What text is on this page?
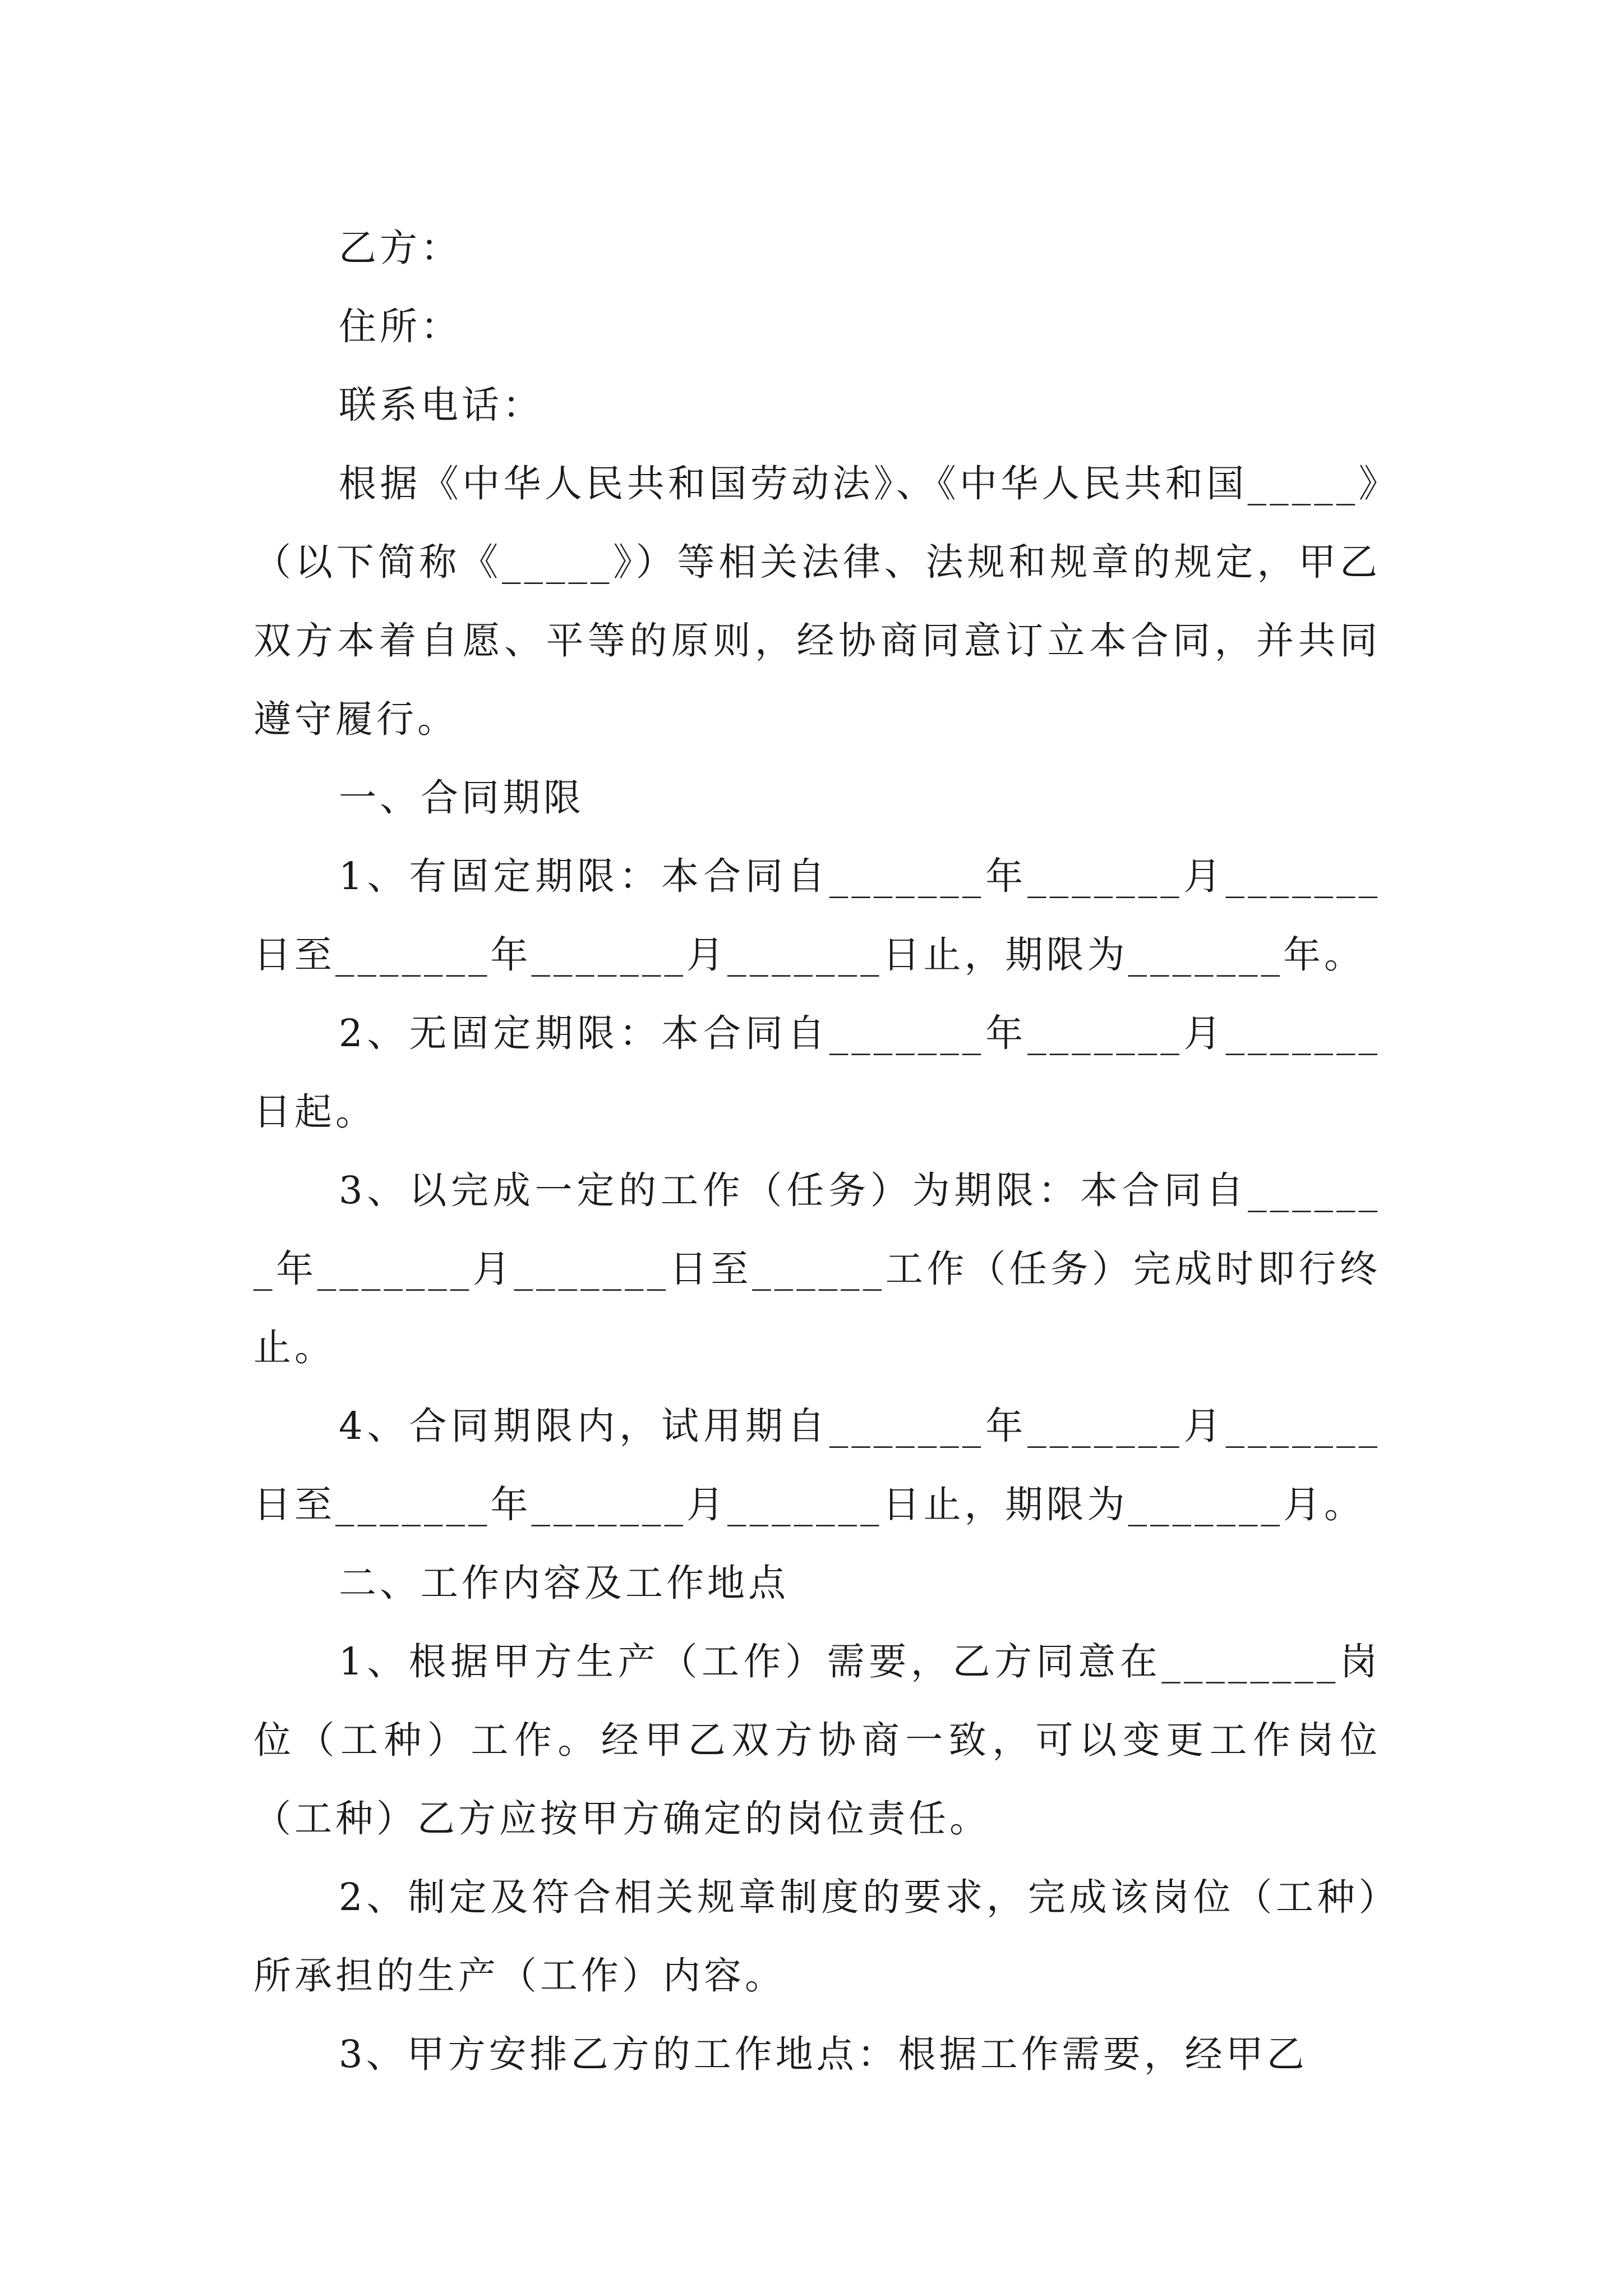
乙方：

住所：

联系电话：

根据《中华人民共和国劳动法》、《中华人民共和国_____》（以下简称《_____》）等相关法律、法规和规章的规定，甲乙双方本着自愿、平等的原则，经协商同意订立本合同，并共同遵守履行。

一、合同期限

1、有固定期限：本合同自_______年_______月_______日至_______年_______月_______日止，期限为_______年。

2、无固定期限：本合同自_______年_______月_______日起。

3、以完成一定的工作（任务）为期限：本合同自_______年_______月_______日至______工作（任务）完成时即行终止。

4、合同期限内，试用期自_______年_______月_______日至_______年_______月_______日止，期限为_______月。

二、工作内容及工作地点

1、根据甲方生产（工作）需要，乙方同意在________岗位（工种）工作。经甲乙双方协商一致，可以变更工作岗位（工种）乙方应按甲方确定的岗位责任。

2、制定及符合相关规章制度的要求，完成该岗位（工种）所承担的生产（工作）内容。

3、甲方安排乙方的工作地点：根据工作需要，经甲乙
